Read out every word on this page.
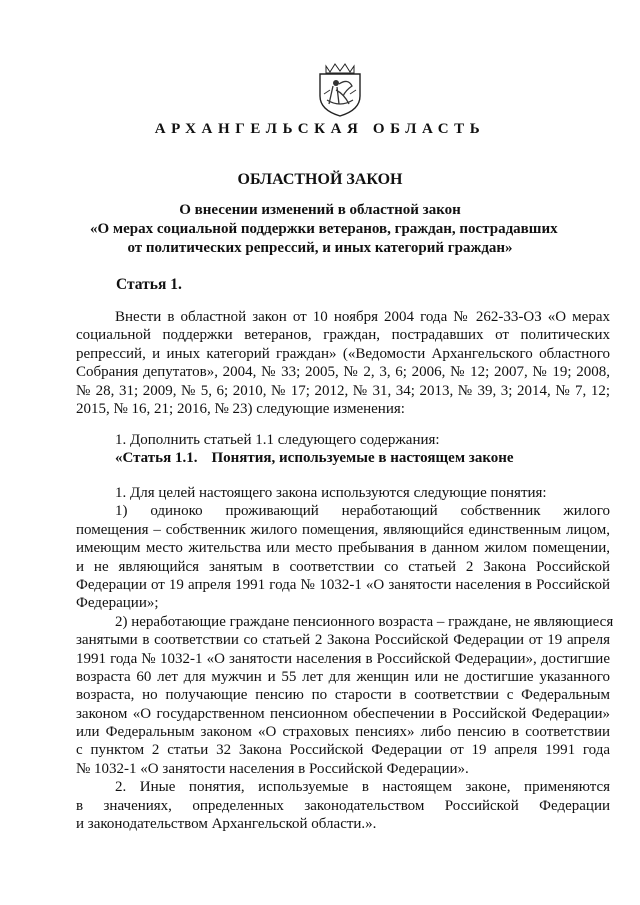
АРХАНГЕЛЬСКАЯ ОБЛАСТЬ
ОБЛАСТНОЙ ЗАКОН
О внесении изменений в областной закон
«О мерах социальной поддержки ветеранов, граждан, пострадавших
от политических репрессий, и иных категорий граждан»
Статья 1.
Внести в областной закон от 10 ноября 2004 года № 262-33-ОЗ «О мерах
социальной поддержки ветеранов, граждан, пострадавших от политических
репрессий, и иных категорий граждан» («Ведомости Архангельского областного
Собрания депутатов», 2004, № 33; 2005, № 2, 3, 6; 2006, № 12; 2007, № 19; 2008,
№ 28, 31; 2009, № 5, 6; 2010, № 17; 2012, № 31, 34; 2013, № 39, 3; 2014, № 7, 12;
2015, № 16, 21; 2016, № 23) следующие изменения:
1. Дополнить статьей 1.1 следующего содержания:
«Статья 1.1. Понятия, используемые в настоящем законе
1. Для целей настоящего закона используются следующие понятия:
1) одиноко проживающий неработающий собственник жилого
помещения – собственник жилого помещения, являющийся единственным лицом,
имеющим место жительства или место пребывания в данном жилом помещении,
и не являющийся занятым в соответствии со статьей 2 Закона Российской
Федерации от 19 апреля 1991 года № 1032-1 «О занятости населения в Российской
Федерации»;
2) неработающие граждане пенсионного возраста – граждане, не являющиеся
занятыми в соответствии со статьей 2 Закона Российской Федерации от 19 апреля
1991 года № 1032-1 «О занятости населения в Российской Федерации», достигшие
возраста 60 лет для мужчин и 55 лет для женщин или не достигшие указанного
возраста, но получающие пенсию по старости в соответствии с Федеральным
законом «О государственном пенсионном обеспечении в Российской Федерации»
или Федеральным законом «О страховых пенсиях» либо пенсию в соответствии
с пунктом 2 статьи 32 Закона Российской Федерации от 19 апреля 1991 года
№ 1032-1 «О занятости населения в Российской Федерации».
2. Иные понятия, используемые в настоящем законе, применяются
в значениях, определенных законодательством Российской Федерации
и законодательством Архангельской области.».
